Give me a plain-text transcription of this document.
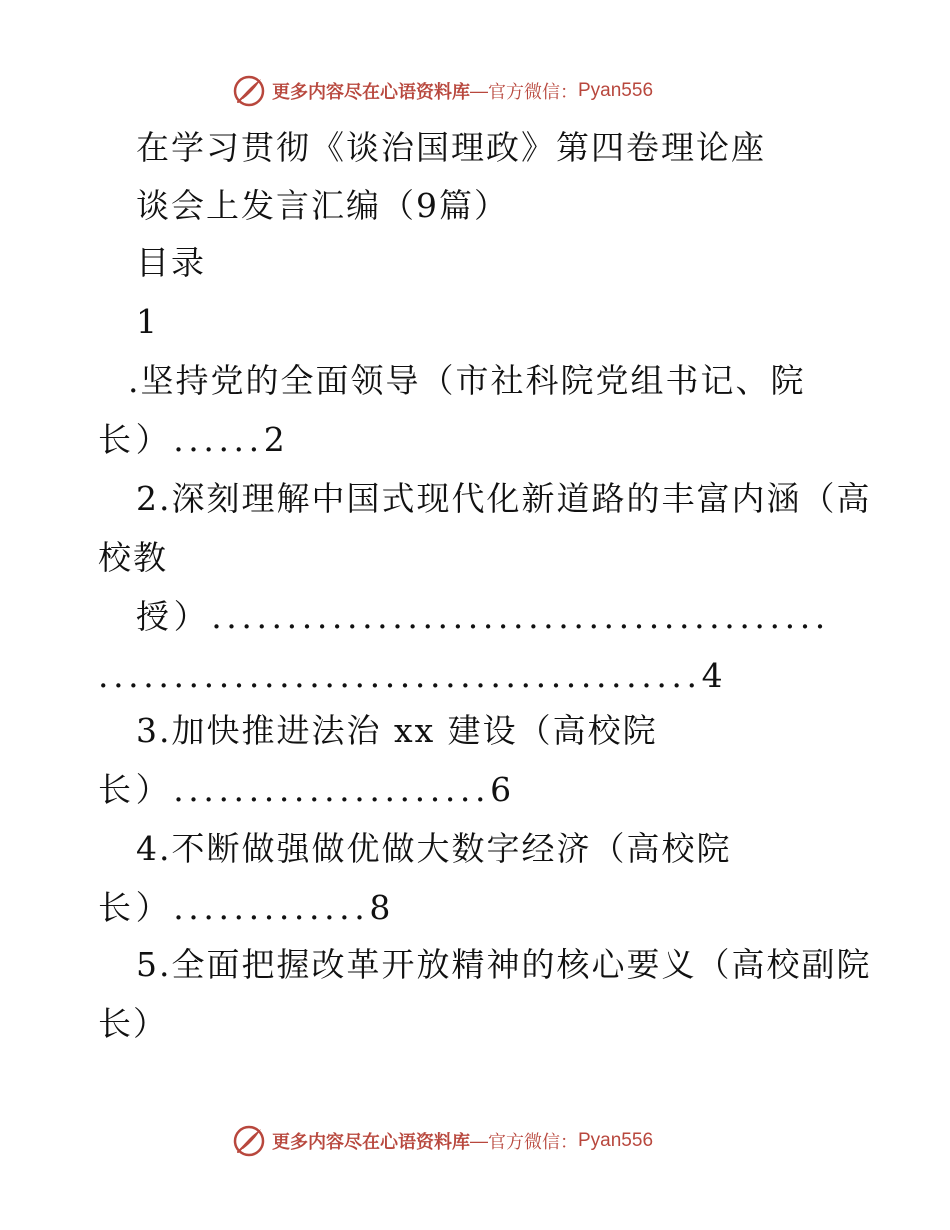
更多内容尽在心语资料库 — 官方微信： Pyan556
在学习贯彻《谈治国理政》第四卷理论座
谈会上发言汇编（9篇）
目录
1
.坚持党的全面领导（市社科院党组书记、院
长）......2
2.深刻理解中国式现代化新道路的丰富内涵（高
校教
授）.........................................
........................................4
3.加快推进法治 xx 建设（高校院
长）.....................6
4.不断做强做优做大数字经济（高校院
长）.............8
5.全面把握改革开放精神的核心要义（高校副院
长）
更多内容尽在心语资料库 — 官方微信： Pyan556
